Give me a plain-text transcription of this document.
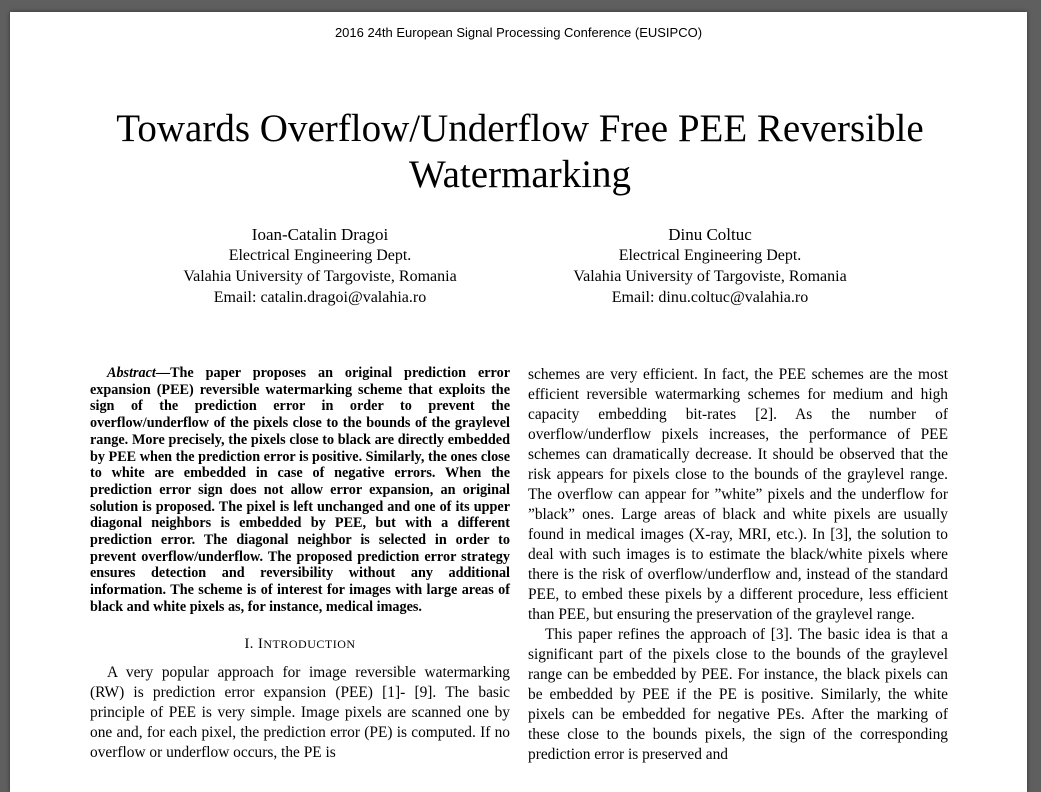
2016 24th European Signal Processing Conference (EUSIPCO)
Towards Overflow/Underflow Free PEE Reversible Watermarking
Ioan-Catalin Dragoi
Electrical Engineering Dept.
Valahia University of Targoviste, Romania
Email: catalin.dragoi@valahia.ro
Dinu Coltuc
Electrical Engineering Dept.
Valahia University of Targoviste, Romania
Email: dinu.coltuc@valahia.ro
Abstract—The paper proposes an original prediction error expansion (PEE) reversible watermarking scheme that exploits the sign of the prediction error in order to prevent the overflow/underflow of the pixels close to the bounds of the graylevel range. More precisely, the pixels close to black are directly embedded by PEE when the prediction error is positive. Similarly, the ones close to white are embedded in case of negative errors. When the prediction error sign does not allow error expansion, an original solution is proposed. The pixel is left unchanged and one of its upper diagonal neighbors is embedded by PEE, but with a different prediction error. The diagonal neighbor is selected in order to prevent overflow/underflow. The proposed prediction error strategy ensures detection and reversibility without any additional information. The scheme is of interest for images with large areas of black and white pixels as, for instance, medical images.
I. INTRODUCTION

A very popular approach for image reversible watermarking (RW) is prediction error expansion (PEE) [1]- [9]. The basic principle of PEE is very simple. Image pixels are scanned one by one and, for each pixel, the prediction error (PE) is computed. If no overflow or underflow occurs, the PE is

schemes are very efficient. In fact, the PEE schemes are the most efficient reversible watermarking schemes for medium and high capacity embedding bit-rates [2]. As the number of overflow/underflow pixels increases, the performance of PEE schemes can dramatically decrease. It should be observed that the risk appears for pixels close to the bounds of the graylevel range. The overflow can appear for ”white” pixels and the underflow for ”black” ones. Large areas of black and white pixels are usually found in medical images (X-ray, MRI, etc.). In [3], the solution to deal with such images is to estimate the black/white pixels where there is the risk of overflow/underflow and, instead of the standard PEE, to embed these pixels by a different procedure, less efficient than PEE, but ensuring the preservation of the graylevel range.

This paper refines the approach of [3]. The basic idea is that a significant part of the pixels close to the bounds of the graylevel range can be embedded by PEE. For instance, the black pixels can be embedded by PEE if the PE is positive. Similarly, the white pixels can be embedded for negative PEs. After the marking of these close to the bounds pixels, the sign of the corresponding prediction error is preserved and
